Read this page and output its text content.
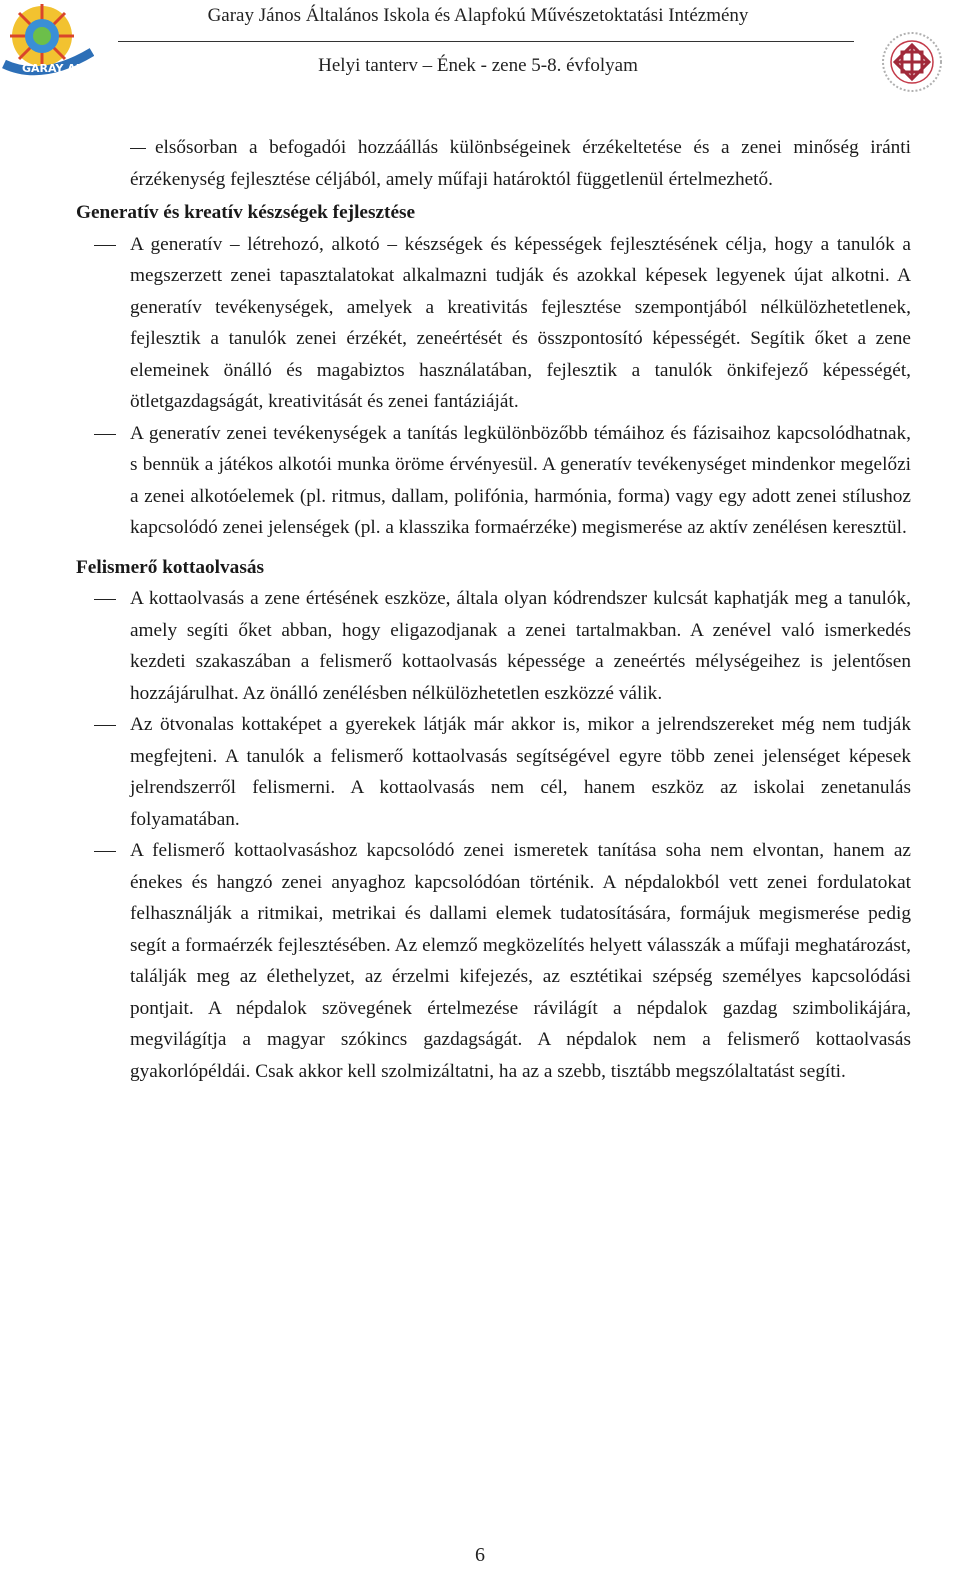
GARAY AMI
Garay János Általános Iskola és Alapfokú Művészetoktatási Intézmény
Helyi tanterv – Ének - zene 5-8. évfolyam
elsősorban a befogadói hozzáállás különbségeinek érzékeltetése és a zenei minőség iránti érzékenység fejlesztése céljából, amely műfaji határoktól függetlenül értelmezhető.
Generatív és kreatív készségek fejlesztése
A generatív – létrehozó, alkotó – készségek és képességek fejlesztésének célja, hogy a tanulók a megszerzett zenei tapasztalatokat alkalmazni tudják és azokkal képesek legyenek újat alkotni. A generatív tevékenységek, amelyek a kreativitás fejlesztése szempontjából nélkülözhetetlenek, fejlesztik a tanulók zenei érzékét, zeneértését és összpontosító képességét. Segítik őket a zene elemeinek önálló és magabiztos használatában, fejlesztik a tanulók önkifejező képességét, ötletgazdagságát, kreativitását és zenei fantáziáját.
A generatív zenei tevékenységek a tanítás legkülönbözőbb témáihoz és fázisaihoz kapcsolódhatnak, s bennük a játékos alkotói munka öröme érvényesül. A generatív tevékenységet mindenkor megelőzi a zenei alkotóelemek (pl. ritmus, dallam, polifónia, harmónia, forma) vagy egy adott zenei stílushoz kapcsolódó zenei jelenségek (pl. a klasszika formaérzéke) megismerése az aktív zenélésen keresztül.
Felismerő kottaolvasás
A kottaolvasás a zene értésének eszköze, általa olyan kódrendszer kulcsát kaphatják meg a tanulók, amely segíti őket abban, hogy eligazodjanak a zenei tartalmakban. A zenével való ismerkedés kezdeti szakaszában a felismerő kottaolvasás képessége a zeneértés mélységeihez is jelentősen hozzájárulhat. Az önálló zenélésben nélkülözhetetlen eszközzé válik.
Az ötvonalas kottaképet a gyerekek látják már akkor is, mikor a jelrendszereket még nem tudják megfejteni. A tanulók a felismerő kottaolvasás segítségével egyre több zenei jelenséget képesek jelrendszerről felismerni. A kottaolvasás nem cél, hanem eszköz az iskolai zenetanulás folyamatában.
A felismerő kottaolvasáshoz kapcsolódó zenei ismeretek tanítása soha nem elvontan, hanem az énekes és hangzó zenei anyaghoz kapcsolódóan történik. A népdalokból vett zenei fordulatokat felhasználják a ritmikai, metrikai és dallami elemek tudatosítására, formájuk megismerése pedig segít a formaérzék fejlesztésében. Az elemző megközelítés helyett válasszák a műfaji meghatározást, találják meg az élethelyzet, az érzelmi kifejezés, az esztétikai szépség személyes kapcsolódási pontjait. A népdalok szövegének értelmezése rávilágít a népdalok gazdag szimbolikájára, megvilágítja a magyar szókincs gazdagságát. A népdalok nem a felismerő kottaolvasás gyakorlópéldái. Csak akkor kell szolmizáltatni, ha az a szebb, tisztább megszólaltatást segíti.
6
